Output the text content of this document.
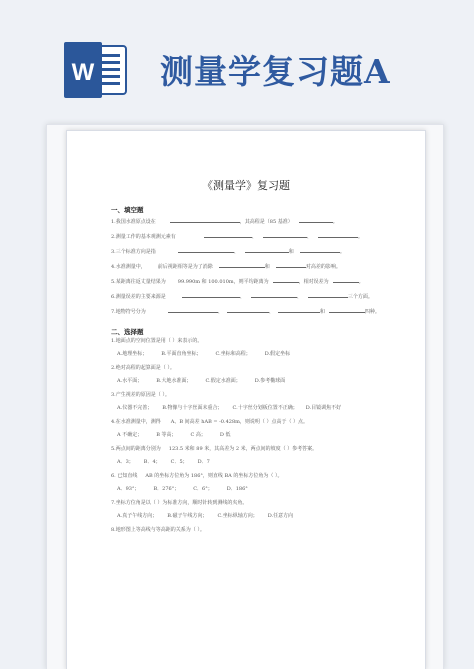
W 测量学复习题A
《测量学》复习题
一、填空题
1.我国水准原点设在	，其高程是（85 基准）	。
2.测量工作的基本观测元素有	、	、	。
3.三个标准方向是指	、	和	。
4.水准测量中， 前后视距相等是为了消除	和	对高差的影响。
5.某距离往返丈量结果为 99.990m 和 100.010m，则平均距离为	，相对误差为	。
6.测量误差的主要来源是	、	、	三个方面。
7.地物符号分为	、	、	和	四种。
二、选择题
1.地面点的空间位置是用（ ）来表示的。
A.地理坐标；	B.平面直角坐标；	C.坐标和高程；	D.假定坐标
2.绝对高程的起算面是（ ）。
A.水平面；	B.大地水准面；	C.假定水准面；	D.参考椭球面
3.产生视差的原因是（ ）。
A.仪器不完善； B.物像与十字丝面未重合； C.十字丝分划板位置不正确； D.目镜调焦不好
4.在水准测量中，测得 A、B 间高差 hAB = -0.428m，则说明（ ）点高于（ ）点。
A 不确定；	B 等高；	C 高；	D 低
5.两点间的距离分别为 123.5 米和 89 米，其高差为 2 米，两点间的坡度（ ）参考答案。
A．3； B．4； C．5； D．7
6. 已知直线 AB 的坐标方位角为 186°，则直线 BA 的坐标方位角为（ ）。
A．93°；	B．276°；	C．6°；	D．186°
7.坐标方位角是以（ ）为标准方向，顺时针转到测线的夹角。
A.真子午线方向； B.磁子午线方向； C.坐标纵轴方向； D.任意方向
8.地形图上等高线与等高距的关系为（ ）。
